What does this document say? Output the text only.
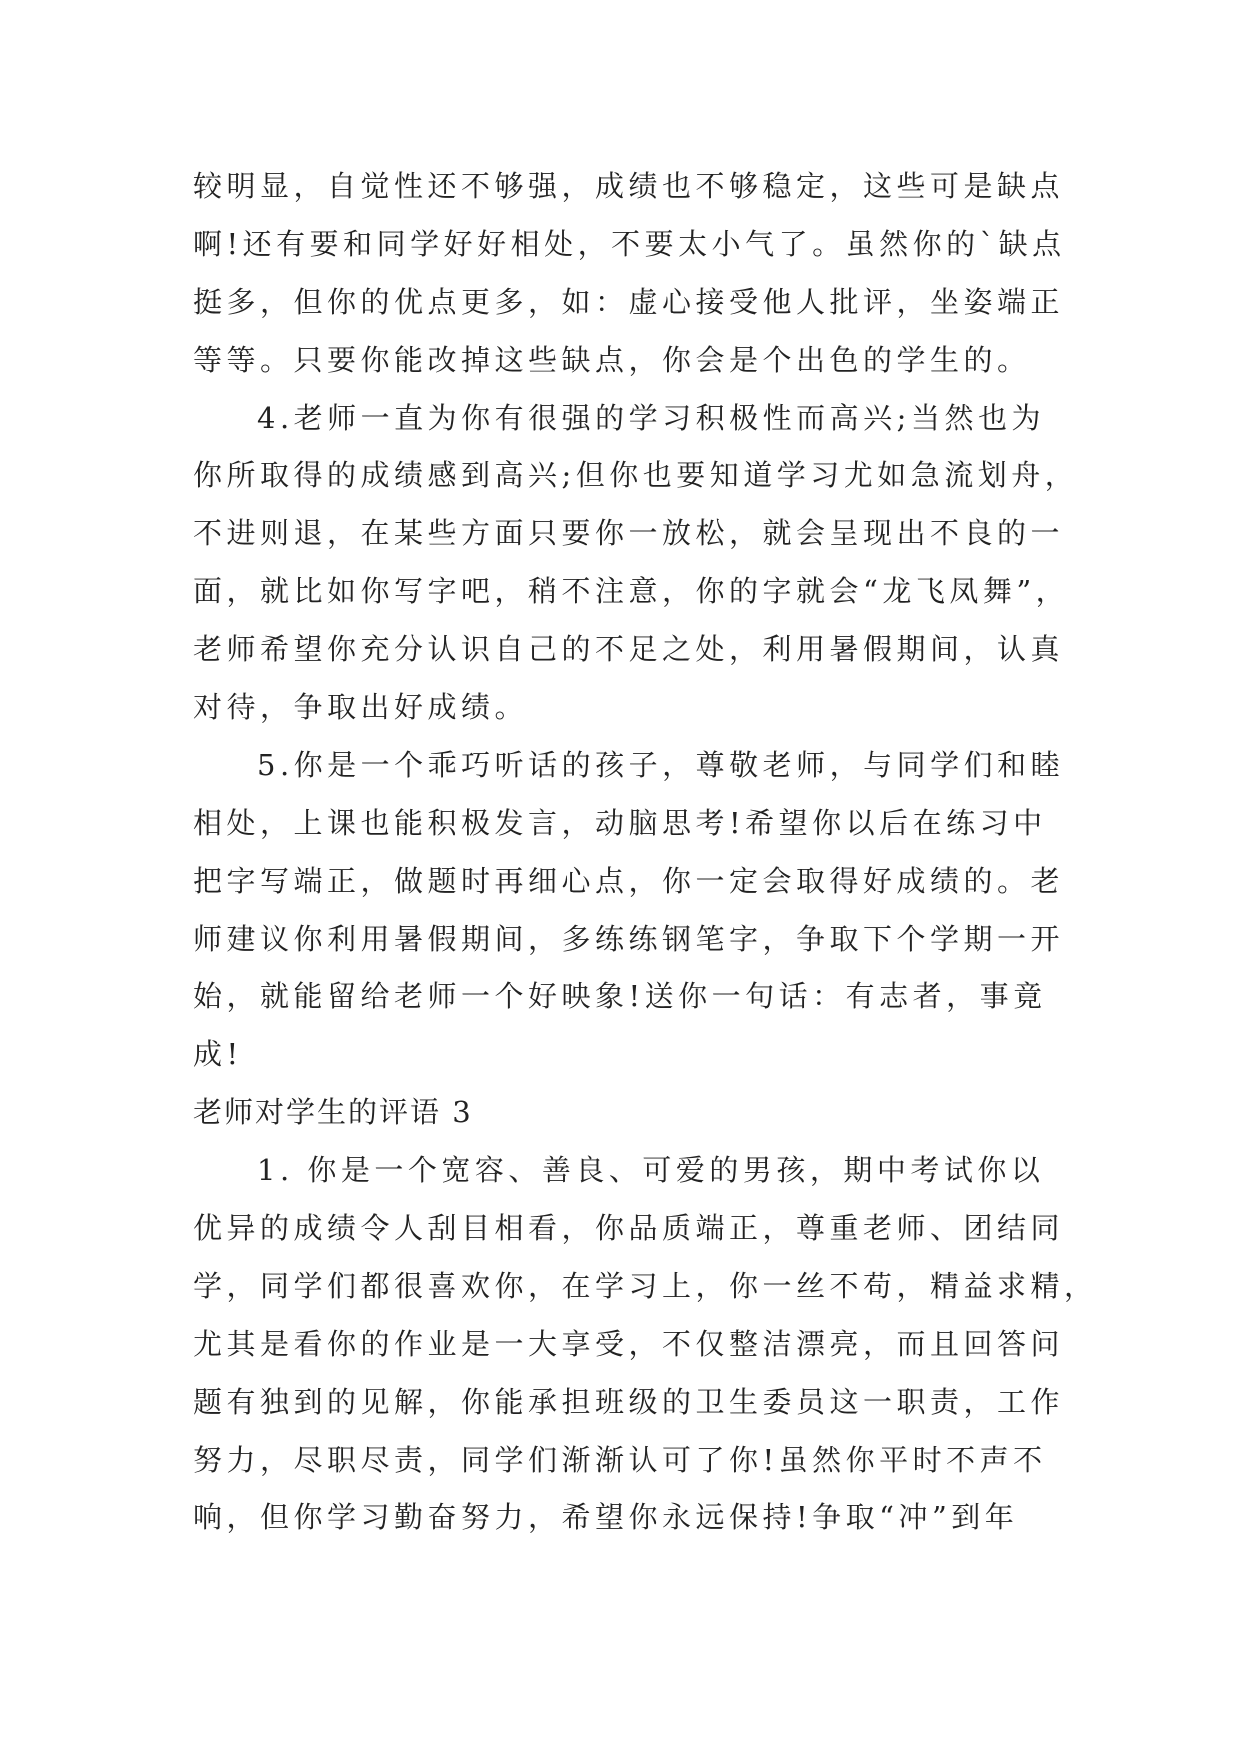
较明显，自觉性还不够强，成绩也不够稳定，这些可是缺点
啊!还有要和同学好好相处，不要太小气了。虽然你的`缺点
挺多，但你的优点更多，如：虚心接受他人批评，坐姿端正
等等。只要你能改掉这些缺点，你会是个出色的学生的。
4.老师一直为你有很强的学习积极性而高兴;当然也为
你所取得的成绩感到高兴;但你也要知道学习尤如急流划舟，
不进则退，在某些方面只要你一放松，就会呈现出不良的一
面，就比如你写字吧，稍不注意，你的字就会“龙飞凤舞”，
老师希望你充分认识自己的不足之处，利用暑假期间，认真
对待，争取出好成绩。
5.你是一个乖巧听话的孩子，尊敬老师，与同学们和睦
相处，上课也能积极发言，动脑思考!希望你以后在练习中
把字写端正，做题时再细心点，你一定会取得好成绩的。老
师建议你利用暑假期间，多练练钢笔字，争取下个学期一开
始，就能留给老师一个好映象!送你一句话：有志者，事竟
成!
老师对学生的评语 3
1. 你是一个宽容、善良、可爱的男孩，期中考试你以
优异的成绩令人刮目相看，你品质端正，尊重老师、团结同
学，同学们都很喜欢你，在学习上，你一丝不苟，精益求精，
尤其是看你的作业是一大享受，不仅整洁漂亮，而且回答问
题有独到的见解，你能承担班级的卫生委员这一职责，工作
努力，尽职尽责，同学们渐渐认可了你!虽然你平时不声不
响，但你学习勤奋努力，希望你永远保持!争取“冲”到年
